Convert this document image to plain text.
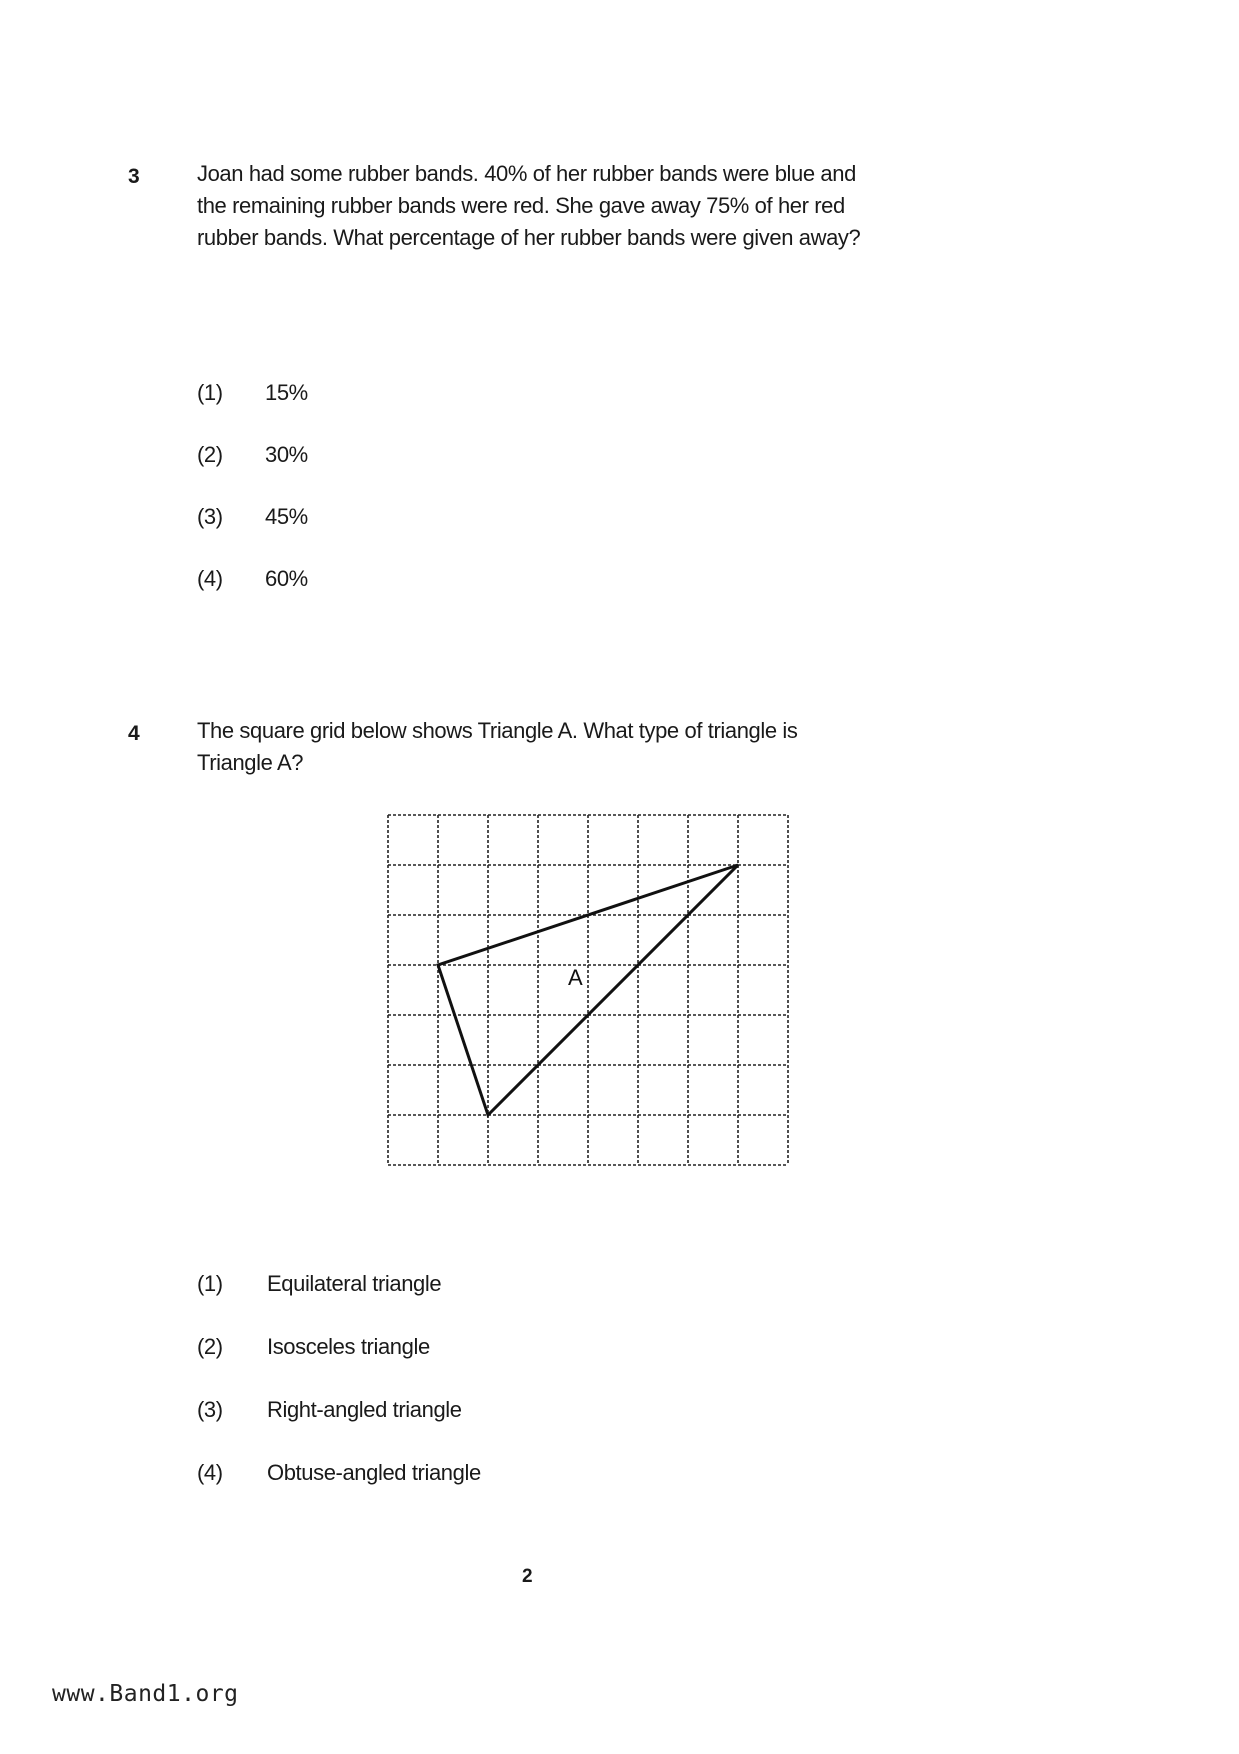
3	Joan had some rubber bands. 40% of her rubber bands were blue and
the remaining rubber bands were red. She gave away 75% of her red
rubber bands. What percentage of her rubber bands were given away?
(1) 15%
(2) 30%
(3) 45%
(4) 60%
4	The square grid below shows Triangle A. What type of triangle is
Triangle A?
A
(1) Equilateral triangle
(2) Isosceles triangle
(3) Right-angled triangle
(4) Obtuse-angled triangle
2
www.Band1.org
